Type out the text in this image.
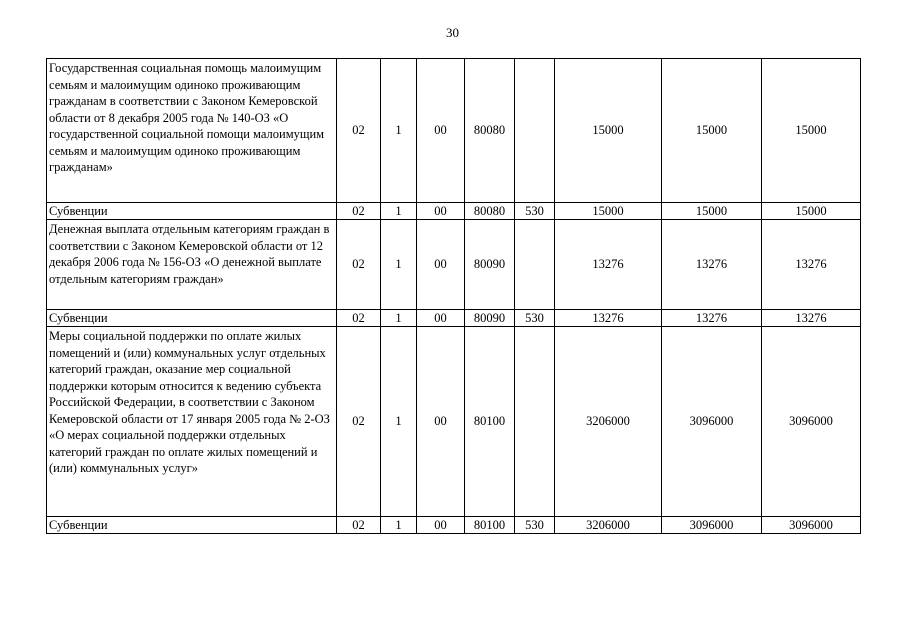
30
Государственная социальная помощь малоимущим семьям и малоимущим одиноко проживающим гражданам в соответствии с Законом Кемеровской области от 8 декабря 2005 года № 140-ОЗ «О государственной социальной помощи малоимущим семьям и малоимущим одиноко проживающим гражданам»	02	1	00	80080		15000	15000	15000
Субвенции	02	1	00	80080	530	15000	15000	15000
Денежная выплата отдельным категориям граждан в соответствии с Законом Кемеровской области от 12 декабря 2006 года № 156-ОЗ «О денежной выплате отдельным категориям граждан»	02	1	00	80090		13276	13276	13276
Субвенции	02	1	00	80090	530	13276	13276	13276
Меры социальной поддержки по оплате жилых помещений и (или) коммунальных услуг отдельных категорий граждан, оказание мер социальной поддержки которым относится к ведению субъекта Российской Федерации, в соответствии с Законом Кемеровской области от 17 января 2005 года № 2-ОЗ «О мерах социальной поддержки отдельных категорий граждан по оплате жилых помещений и (или) коммунальных услуг»	02	1	00	80100		3206000	3096000	3096000
Субвенции	02	1	00	80100	530	3206000	3096000	3096000
